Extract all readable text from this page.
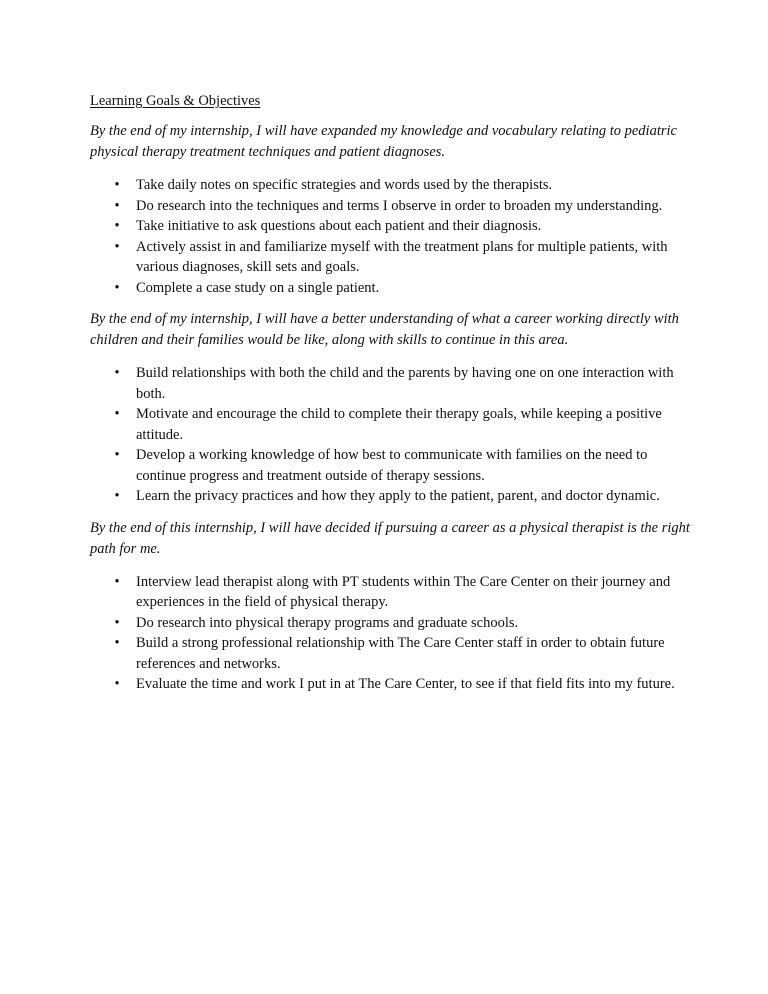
Learning Goals & Objectives

By the end of my internship, I will have expanded my knowledge and vocabulary relating to pediatric physical therapy treatment techniques and patient diagnoses.

• Take daily notes on specific strategies and words used by the therapists.
• Do research into the techniques and terms I observe in order to broaden my understanding.
• Take initiative to ask questions about each patient and their diagnosis.
• Actively assist in and familiarize myself with the treatment plans for multiple patients, with various diagnoses, skill sets and goals.
• Complete a case study on a single patient.

By the end of my internship, I will have a better understanding of what a career working directly with children and their families would be like, along with skills to continue in this area.

• Build relationships with both the child and the parents by having one on one interaction with both.
• Motivate and encourage the child to complete their therapy goals, while keeping a positive attitude.
• Develop a working knowledge of how best to communicate with families on the need to continue progress and treatment outside of therapy sessions.
• Learn the privacy practices and how they apply to the patient, parent, and doctor dynamic.

By the end of this internship, I will have decided if pursuing a career as a physical therapist is the right path for me.

• Interview lead therapist along with PT students within The Care Center on their journey and experiences in the field of physical therapy.
• Do research into physical therapy programs and graduate schools.
• Build a strong professional relationship with The Care Center staff in order to obtain future references and networks.
• Evaluate the time and work I put in at The Care Center, to see if that field fits into my future.
